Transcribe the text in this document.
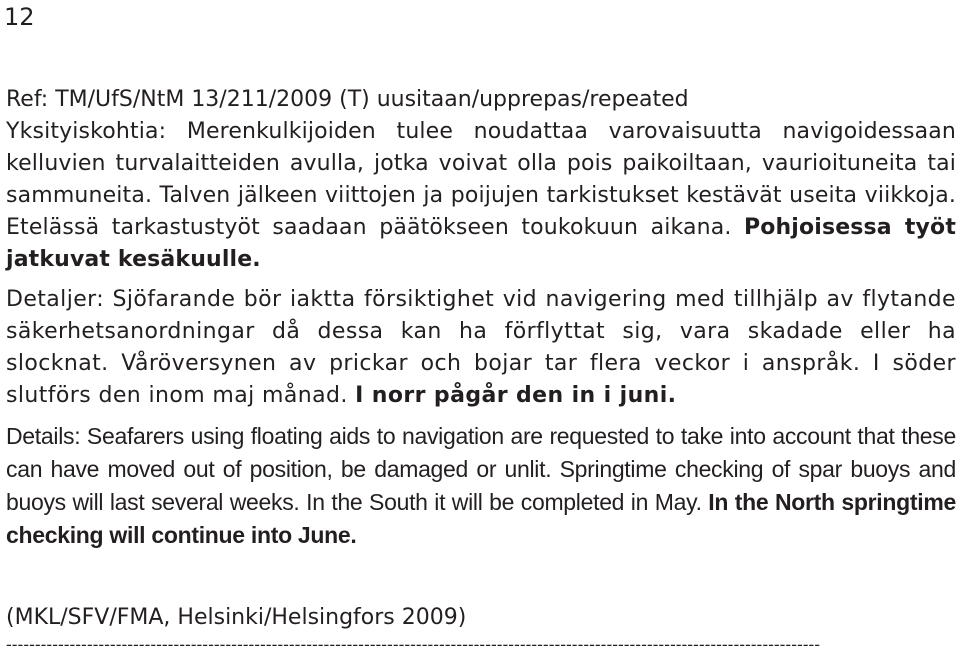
12
Ref: TM/UfS/NtM 13/211/2009 (T) uusitaan/upprepas/repeated

Yksityiskohtia: Merenkulkijoiden tulee noudattaa varovaisuutta navigoidessaan kelluvien turvalaitteiden avulla, jotka voivat olla pois paikoiltaan, vaurioituneita tai sammuneita. Talven jälkeen viittojen ja poijujen tarkistukset kestävät useita viikkoja. Etelässä tarkastustyöt saadaan päätökseen toukokuun aikana. Pohjoisessa työt jatkuvat kesäkuulle.

Detaljer: Sjöfarande bör iaktta försiktighet vid navigering med tillhjälp av flytande säkerhetsanordningar då dessa kan ha förflyttat sig, vara skadade eller ha slocknat. Våröversynen av prickar och bojar tar flera veckor i anspråk. I söder slutförs den inom maj månad. I norr pågår den in i juni.

Details: Seafarers using floating aids to navigation are requested to take into account that these can have moved out of position, be damaged or unlit. Springtime checking of spar buoys and buoys will last several weeks. In the South it will be completed in May. In the North springtime checking will continue into June.

(MKL/SFV/FMA, Helsinki/Helsingfors 2009)
---------------------------------------------------------------------------------------------------------------------------------------------
